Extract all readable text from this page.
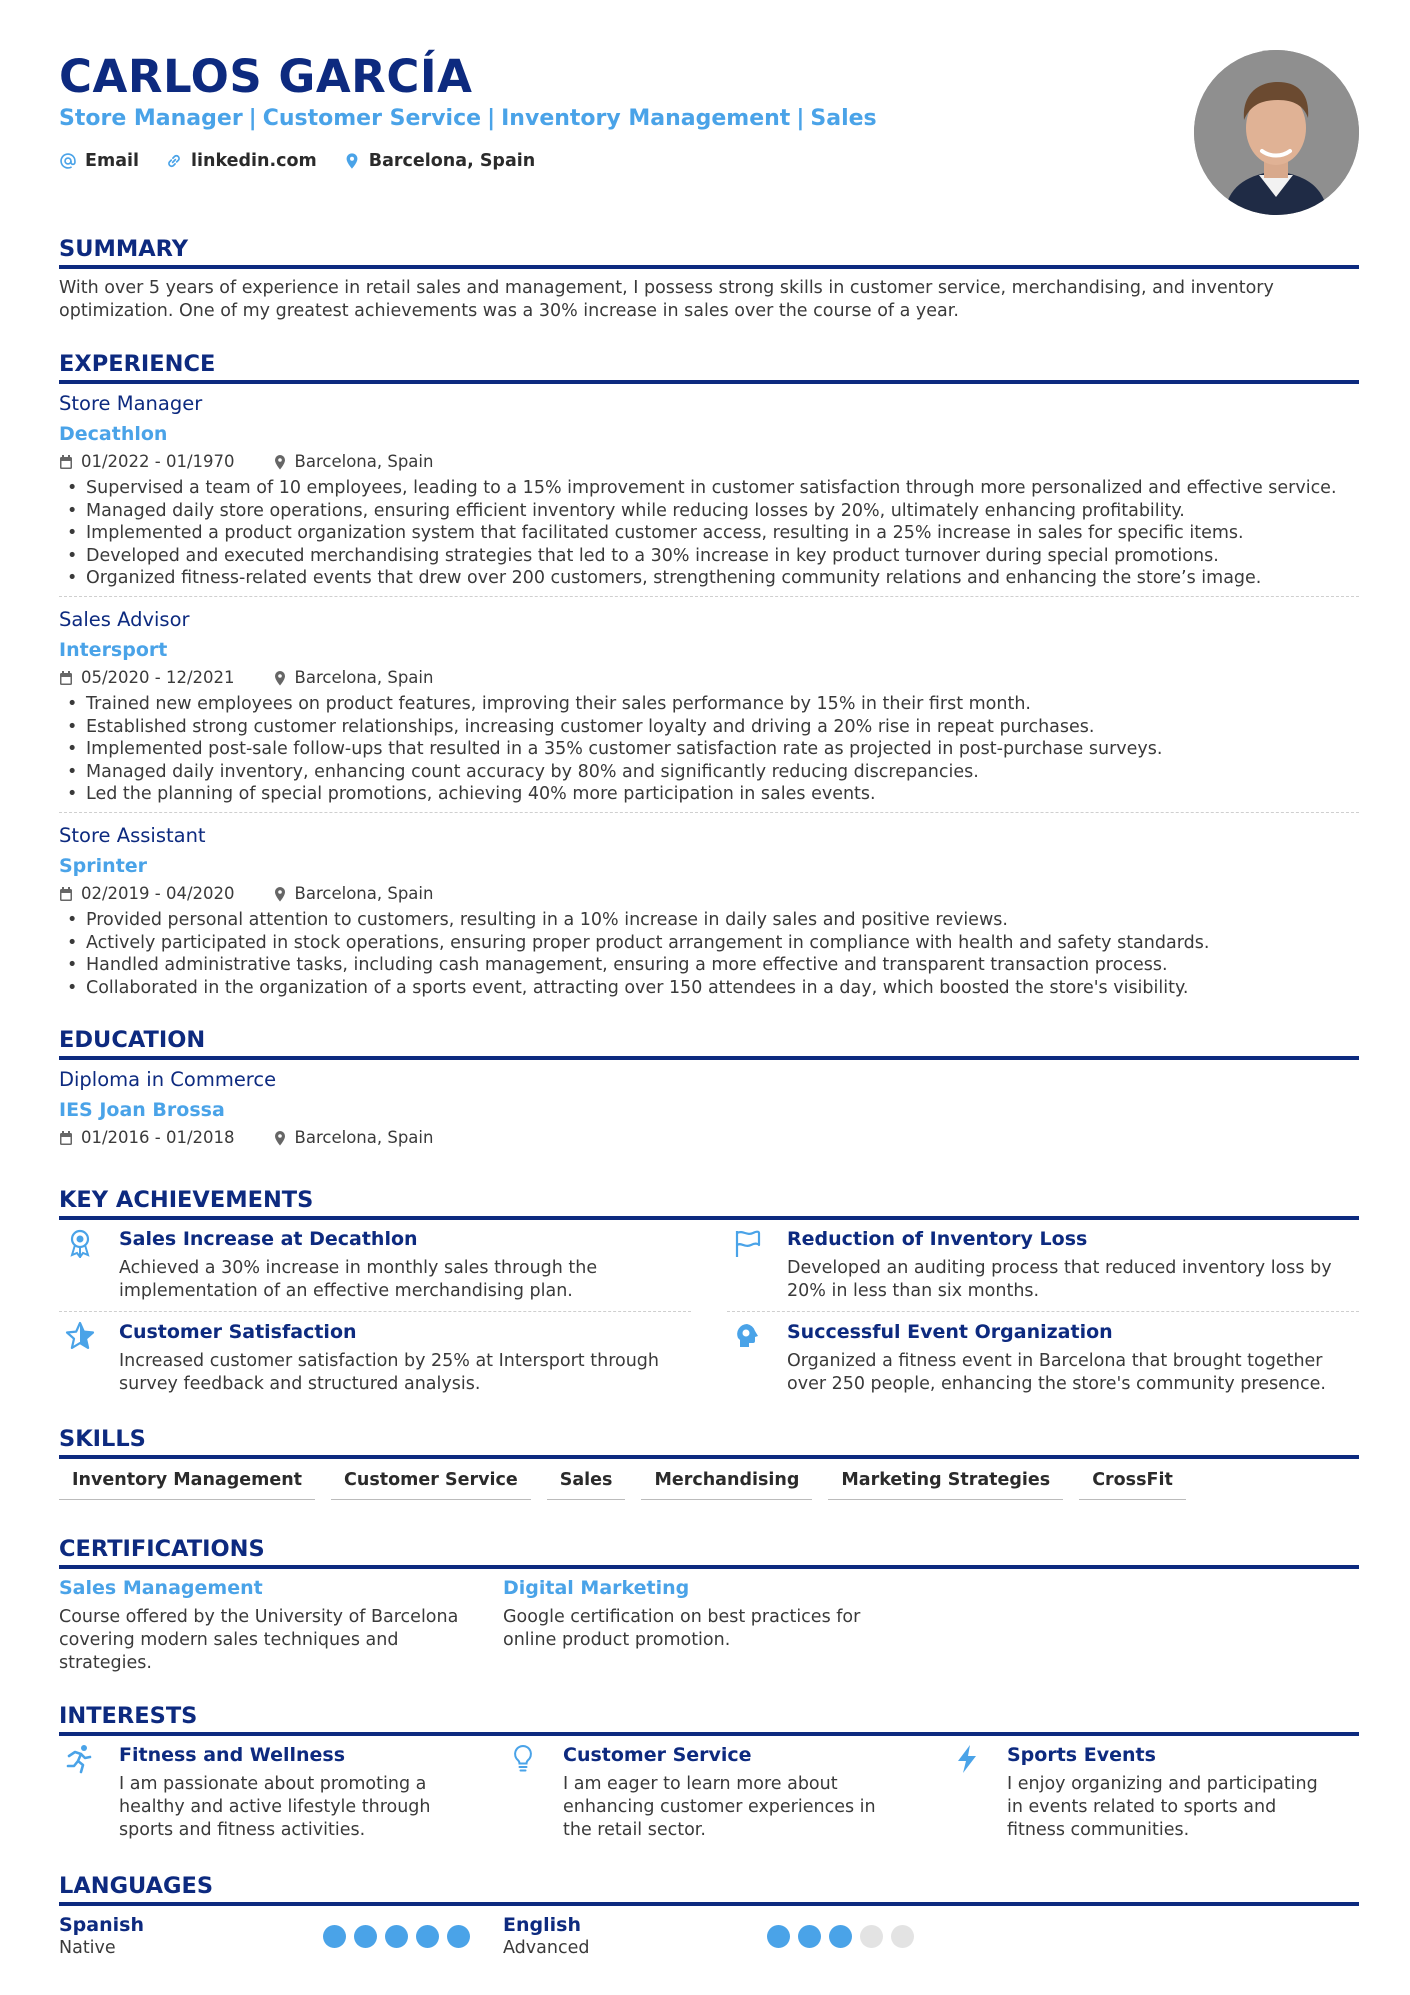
CARLOS GARCÍA
Store Manager | Customer Service | Inventory Management | Sales
Email	linkedin.com	Barcelona, Spain
SUMMARY
With over 5 years of experience in retail sales and management, I possess strong skills in customer service, merchandising, and inventory optimization. One of my greatest achievements was a 30% increase in sales over the course of a year.
EXPERIENCE
Store Manager
Decathlon
01/2022 - 01/1970	Barcelona, Spain
• Supervised a team of 10 employees, leading to a 15% improvement in customer satisfaction through more personalized and effective service.
• Managed daily store operations, ensuring efficient inventory while reducing losses by 20%, ultimately enhancing profitability.
• Implemented a product organization system that facilitated customer access, resulting in a 25% increase in sales for specific items.
• Developed and executed merchandising strategies that led to a 30% increase in key product turnover during special promotions.
• Organized fitness-related events that drew over 200 customers, strengthening community relations and enhancing the store’s image.
Sales Advisor
Intersport
05/2020 - 12/2021	Barcelona, Spain
• Trained new employees on product features, improving their sales performance by 15% in their first month.
• Established strong customer relationships, increasing customer loyalty and driving a 20% rise in repeat purchases.
• Implemented post-sale follow-ups that resulted in a 35% customer satisfaction rate as projected in post-purchase surveys.
• Managed daily inventory, enhancing count accuracy by 80% and significantly reducing discrepancies.
• Led the planning of special promotions, achieving 40% more participation in sales events.
Store Assistant
Sprinter
02/2019 - 04/2020	Barcelona, Spain
• Provided personal attention to customers, resulting in a 10% increase in daily sales and positive reviews.
• Actively participated in stock operations, ensuring proper product arrangement in compliance with health and safety standards.
• Handled administrative tasks, including cash management, ensuring a more effective and transparent transaction process.
• Collaborated in the organization of a sports event, attracting over 150 attendees in a day, which boosted the store's visibility.
EDUCATION
Diploma in Commerce
IES Joan Brossa
01/2016 - 01/2018	Barcelona, Spain
KEY ACHIEVEMENTS
Sales Increase at Decathlon
Achieved a 30% increase in monthly sales through the implementation of an effective merchandising plan.
Reduction of Inventory Loss
Developed an auditing process that reduced inventory loss by 20% in less than six months.
Customer Satisfaction
Increased customer satisfaction by 25% at Intersport through survey feedback and structured analysis.
Successful Event Organization
Organized a fitness event in Barcelona that brought together over 250 people, enhancing the store's community presence.
SKILLS
Inventory Management	Customer Service	Sales	Merchandising	Marketing Strategies	CrossFit
CERTIFICATIONS
Sales Management
Course offered by the University of Barcelona covering modern sales techniques and strategies.
Digital Marketing
Google certification on best practices for online product promotion.
INTERESTS
Fitness and Wellness
I am passionate about promoting a healthy and active lifestyle through sports and fitness activities.
Customer Service
I am eager to learn more about enhancing customer experiences in the retail sector.
Sports Events
I enjoy organizing and participating in events related to sports and fitness communities.
LANGUAGES
Spanish
Native
English
Advanced
